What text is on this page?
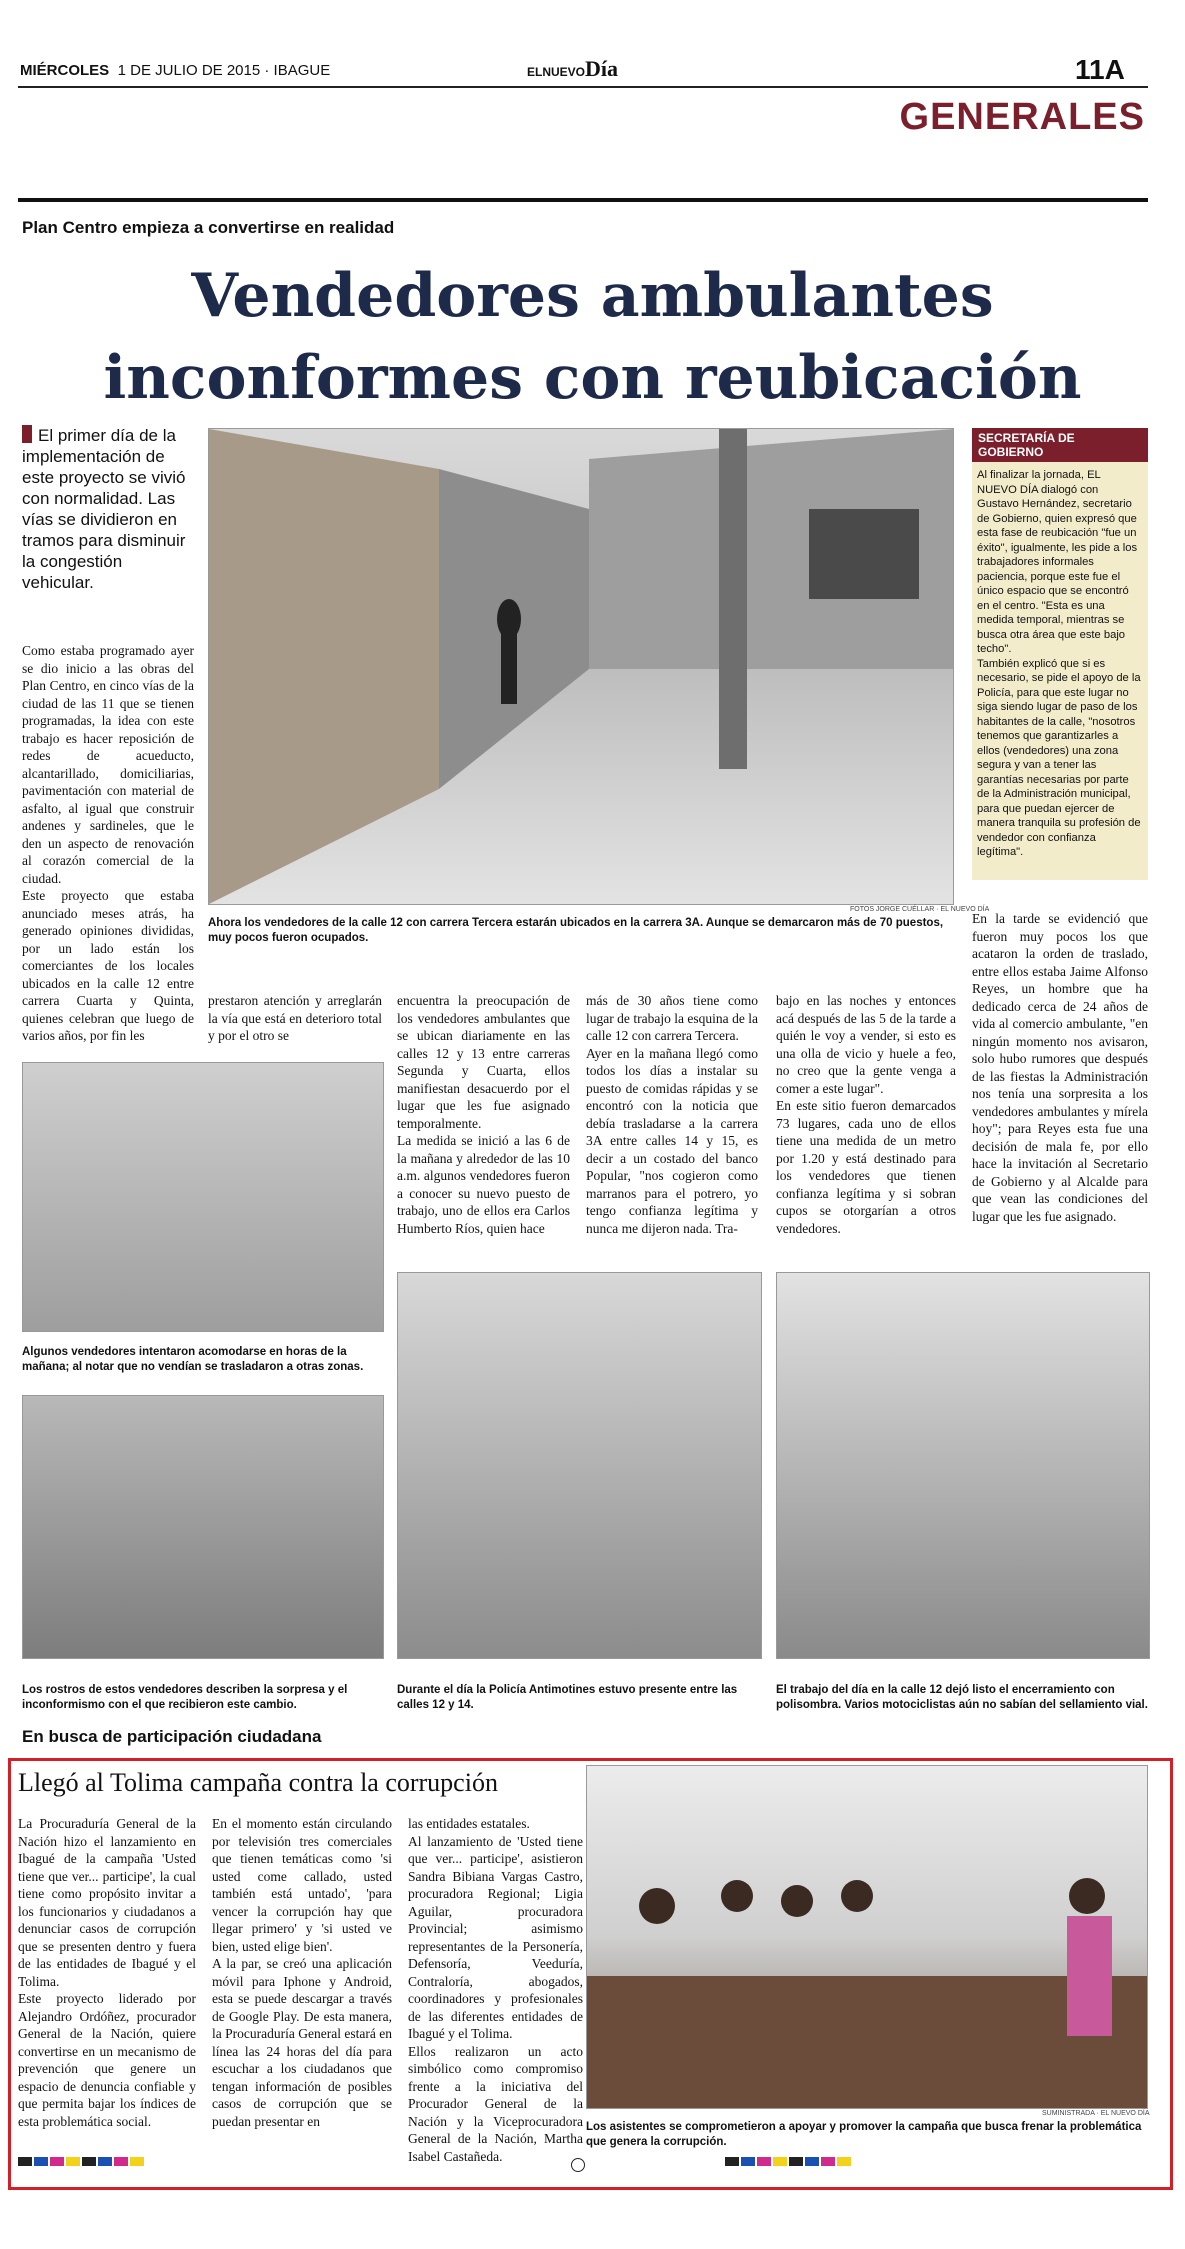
MIÉRCOLES 1 DE JULIO DE 2015 · IBAGUE	ELNUEVODía	11A
GENERALES
Plan Centro empieza a convertirse en realidad
Vendedores ambulantes
inconformes con reubicación
El primer día de la implementación de este proyecto se vivió con normalidad. Las vías se dividieron en tramos para disminuir la congestión vehicular.
Como estaba programado ayer se dio inicio a las obras del Plan Centro, en cinco vías de la ciudad de las 11 que se tienen programadas, la idea con este trabajo es hacer reposición de redes de acueducto, alcantarillado, domiciliarias, pavimentación con material de asfalto, al igual que construir andenes y sardineles, que le den un aspecto de renovación al corazón comercial de la ciudad.
Este proyecto que estaba anunciado meses atrás, ha generado opiniones divididas, por un lado están los comerciantes de los locales ubicados en la calle 12 entre carrera Cuarta y Quinta, quienes celebran que luego de varios años, por fin les
FOTOS JORGE CUÉLLAR · EL NUEVO DÍA
Ahora los vendedores de la calle 12 con carrera Tercera estarán ubicados en la carrera 3A. Aunque se demarcaron más de 70 puestos, muy pocos fueron ocupados.
SECRETARÍA DE GOBIERNO
Al finalizar la jornada, EL NUEVO DÍA dialogó con Gustavo Hernández, secretario de Gobierno, quien expresó que esta fase de reubicación "fue un éxito", igualmente, les pide a los trabajadores informales paciencia, porque este fue el único espacio que se encontró en el centro. "Esta es una medida temporal, mientras se busca otra área que este bajo techo".
También explicó que si es necesario, se pide el apoyo de la Policía, para que este lugar no siga siendo lugar de paso de los habitantes de la calle, "nosotros tenemos que garantizarles a ellos (vendedores) una zona segura y van a tener las garantías necesarias por parte de la Administración municipal, para que puedan ejercer de manera tranquila su profesión de vendedor con confianza legítima".
En la tarde se evidenció que fueron muy pocos los que acataron la orden de traslado, entre ellos estaba Jaime Alfonso Reyes, un hombre que ha dedicado cerca de 24 años de vida al comercio ambulante, "en ningún momento nos avisaron, solo hubo rumores que después de las fiestas la Administración nos tenía una sorpresita a los vendedores ambulantes y mírela hoy"; para Reyes esta fue una decisión de mala fe, por ello hace la invitación al Secretario de Gobierno y al Alcalde para que vean las condiciones del lugar que les fue asignado.
prestaron atención y arreglarán la vía que está en deterioro total y por el otro se
encuentra la preocupación de los vendedores ambulantes que se ubican diariamente en las calles 12 y 13 entre carreras Segunda y Cuarta, ellos manifiestan desacuerdo por el lugar que les fue asignado temporalmente.
La medida se inició a las 6 de la mañana y alrededor de las 10 a.m. algunos vendedores fueron a conocer su nuevo puesto de trabajo, uno de ellos era Carlos Humberto Ríos, quien hace
más de 30 años tiene como lugar de trabajo la esquina de la calle 12 con carrera Tercera.
Ayer en la mañana llegó como todos los días a instalar su puesto de comidas rápidas y se encontró con la noticia que debía trasladarse a la carrera 3A entre calles 14 y 15, es decir a un costado del banco Popular, "nos cogieron como marranos para el potrero, yo tengo confianza legítima y nunca me dijeron nada. Tra-
bajo en las noches y entonces acá después de las 5 de la tarde a quién le voy a vender, si esto es una olla de vicio y huele a feo, no creo que la gente venga a comer a este lugar".
En este sitio fueron demarcados 73 lugares, cada uno de ellos tiene una medida de un metro por 1.20 y está destinado para los vendedores que tienen confianza legítima y si sobran cupos se otorgarían a otros vendedores.
Algunos vendedores intentaron acomodarse en horas de la mañana; al notar que no vendían se trasladaron a otras zonas.
Los rostros de estos vendedores describen la sorpresa y el inconformismo con el que recibieron este cambio.
Durante el día la Policía Antimotines estuvo presente entre las calles 12 y 14.
El trabajo del día en la calle 12 dejó listo el encerramiento con polisombra. Varios motociclistas aún no sabían del sellamiento vial.
En busca de participación ciudadana
Llegó al Tolima campaña contra la corrupción
La Procuraduría General de la Nación hizo el lanzamiento en Ibagué de la campaña 'Usted tiene que ver... participe', la cual tiene como propósito invitar a los funcionarios y ciudadanos a denunciar casos de corrupción que se presenten dentro y fuera de las entidades de Ibagué y el Tolima.
Este proyecto liderado por Alejandro Ordóñez, procurador General de la Nación, quiere convertirse en un mecanismo de prevención que genere un espacio de denuncia confiable y que permita bajar los índices de esta problemática social.
En el momento están circulando por televisión tres comerciales que tienen temáticas como 'si usted come callado, usted también está untado', 'para vencer la corrupción hay que llegar primero' y 'si usted ve bien, usted elige bien'.
A la par, se creó una aplicación móvil para Iphone y Android, esta se puede descargar a través de Google Play. De esta manera, la Procuraduría General estará en línea las 24 horas del día para escuchar a los ciudadanos que tengan información de posibles casos de corrupción que se puedan presentar en
las entidades estatales.
Al lanzamiento de 'Usted tiene que ver... participe', asistieron Sandra Bibiana Vargas Castro, procuradora Regional; Ligia Aguilar, procuradora Provincial; asimismo representantes de la Personería, Defensoría, Veeduría, Contraloría, abogados, coordinadores y profesionales de las diferentes entidades de Ibagué y el Tolima.
Ellos realizaron un acto simbólico como compromiso frente a la iniciativa del Procurador General de la Nación y la Viceprocuradora General de la Nación, Martha Isabel Castañeda.
SUMINISTRADA · EL NUEVO DÍA
Los asistentes se comprometieron a apoyar y promover la campaña que busca frenar la problemática que genera la corrupción.
